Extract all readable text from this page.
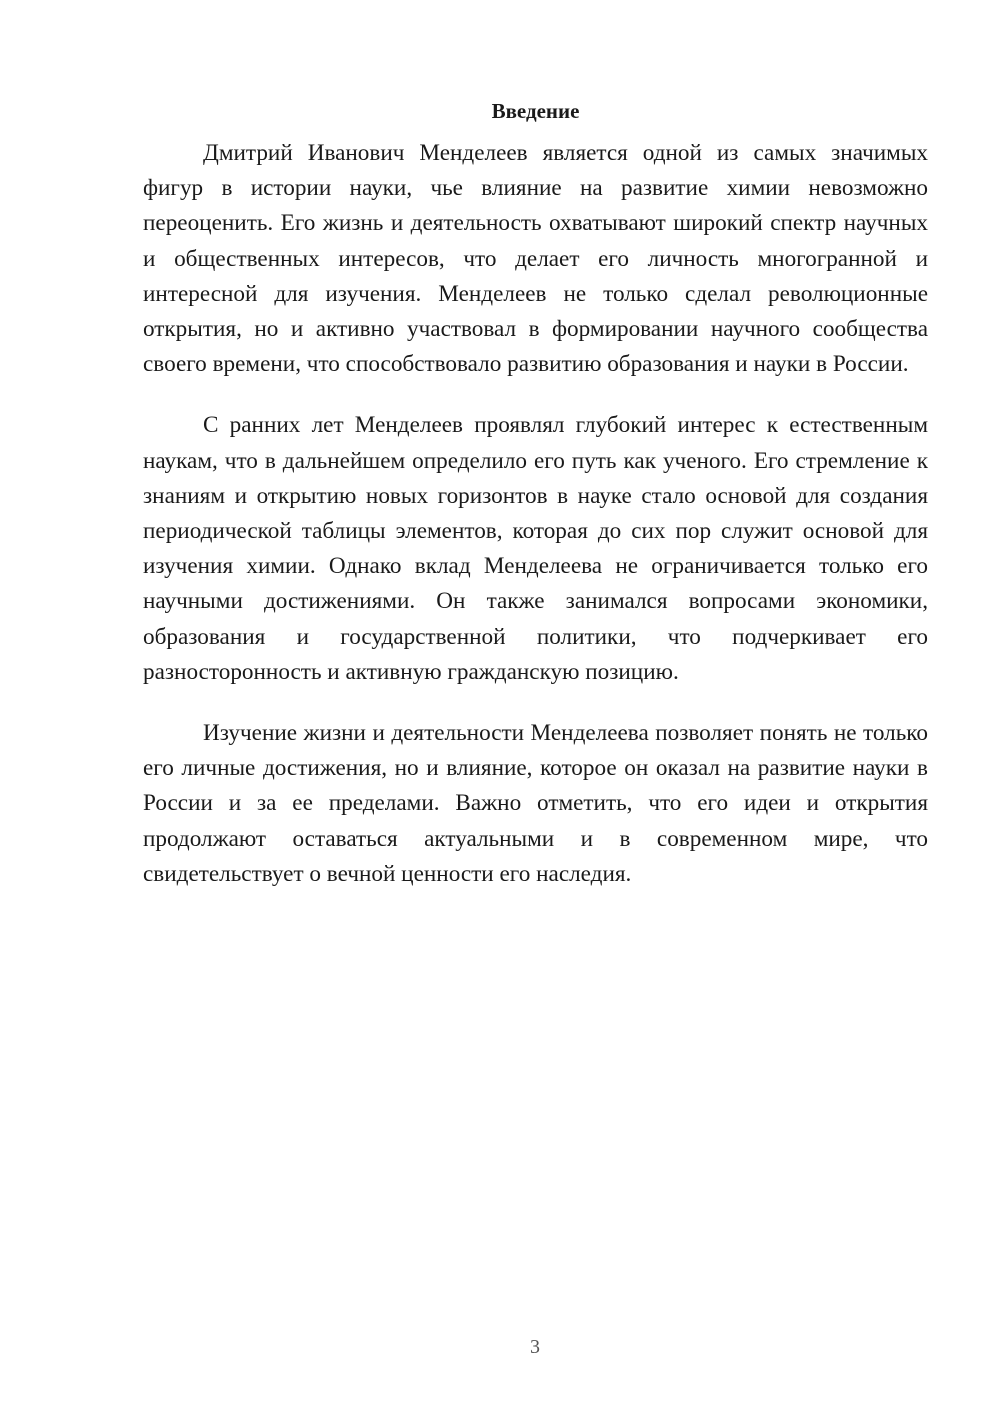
Введение

Дмитрий Иванович Менделеев является одной из самых значимых фигур в истории науки, чье влияние на развитие химии невозможно переоценить. Его жизнь и деятельность охватывают широкий спектр научных и общественных интересов, что делает его личность многогранной и интересной для изучения. Менделеев не только сделал революционные открытия, но и активно участвовал в формировании научного сообщества своего времени, что способствовало развитию образования и науки в России.

С ранних лет Менделеев проявлял глубокий интерес к естественным наукам, что в дальнейшем определило его путь как ученого. Его стремление к знаниям и открытию новых горизонтов в науке стало основой для создания периодической таблицы элементов, которая до сих пор служит основой для изучения химии. Однако вклад Менделеева не ограничивается только его научными достижениями. Он также занимался вопросами экономики, образования и государственной политики, что подчеркивает его разносторонность и активную гражданскую позицию.

Изучение жизни и деятельности Менделеева позволяет понять не только его личные достижения, но и влияние, которое он оказал на развитие науки в России и за ее пределами. Важно отметить, что его идеи и открытия продолжают оставаться актуальными и в современном мире, что свидетельствует о вечной ценности его наследия.

3
